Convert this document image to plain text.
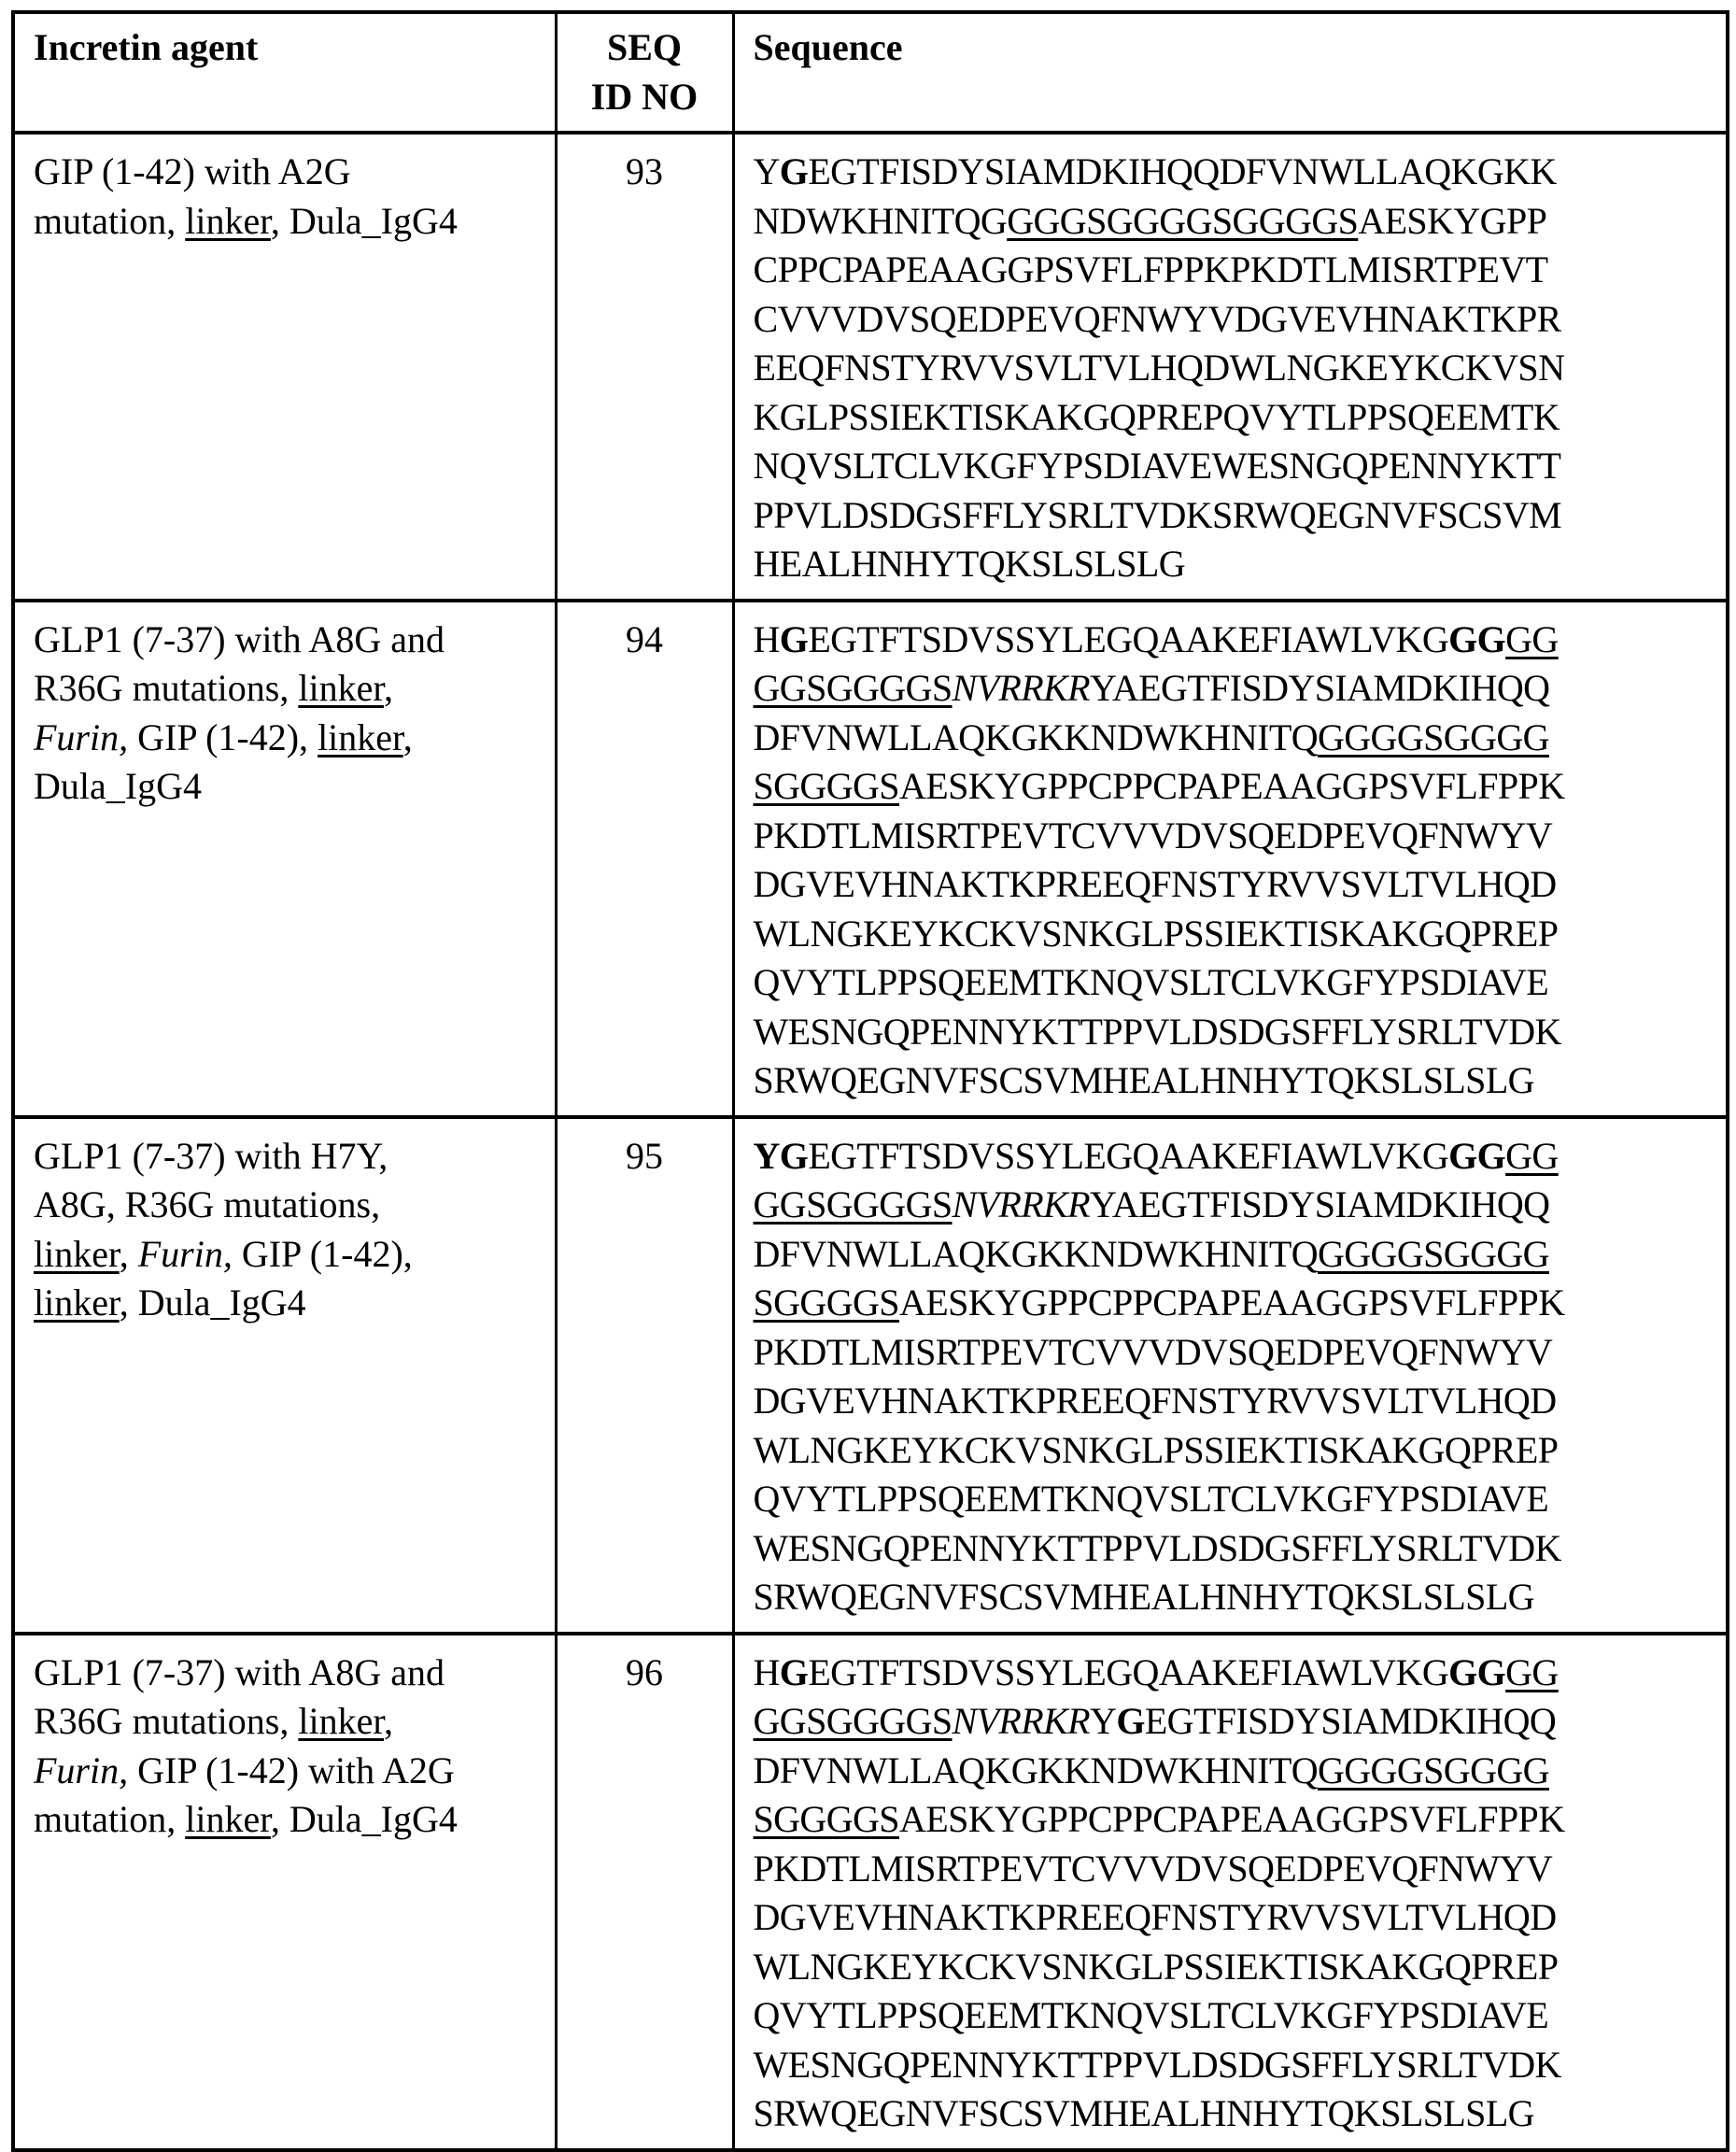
Incretin agent	SEQ
ID NO	Sequence

GIP (1-42) with A2G
mutation, linker, Dula_IgG4
	93	YGEGTFISDYSIAMDKIHQQDFVNWLLAQKGKK
NDWKHNITQGGGGSGGGGSGGGGSAESKYGPP
CPPCPAPEAAGGPSVFLFPPKPKDTLMISRTPEVT
CVVVDVSQEDPEVQFNWYVDGVEVHNAKTKPR
EEQFNSTYRVVSVLTVLHQDWLNGKEYKCKVSN
KGLPSSIEKTISKAKGQPREPQVYTLPPSQEEMTK
NQVSLTCLVKGFYPSDIAVEWESNGQPENNYKTT
PPVLDSDGSFFLYSRLTVDKSRWQEGNVFSCSVM
HEALHNHYTQKSLSLSLG

GLP1 (7-37) with A8G and
R36G mutations, linker,
Furin, GIP (1-42), linker,
Dula_IgG4
	94	HGEGTFTSDVSSYLEGQAAKEFIAWLVKGGGGG
GGSGGGGSNVRRKRYAEGTFISDYSIAMDKIHQQ
DFVNWLLAQKGKKNDWKHNITQGGGGSGGGG
SGGGGSAESKYGPPCPPCPAPEAAGGPSVFLFPPK
PKDTLMISRTPEVTCVVVDVSQEDPEVQFNWYV
DGVEVHNAKTKPREEQFNSTYRVVSVLTVLHQD
WLNGKEYKCKVSNKGLPSSIEKTISKAKGQPREP
QVYTLPPSQEEMTKNQVSLTCLVKGFYPSDIAVE
WESNGQPENNYKTTPPVLDSDGSFFLYSRLTVDK
SRWQEGNVFSCSVMHEALHNHYTQKSLSLSLG

GLP1 (7-37) with H7Y,
A8G, R36G mutations,
linker, Furin, GIP (1-42),
linker, Dula_IgG4
	95	YGEGTFTSDVSSYLEGQAAKEFIAWLVKGGGGG
GGSGGGGSNVRRKRYAEGTFISDYSIAMDKIHQQ
DFVNWLLAQKGKKNDWKHNITQGGGGSGGGG
SGGGGSAESKYGPPCPPCPAPEAAGGPSVFLFPPK
PKDTLMISRTPEVTCVVVDVSQEDPEVQFNWYV
DGVEVHNAKTKPREEQFNSTYRVVSVLTVLHQD
WLNGKEYKCKVSNKGLPSSIEKTISKAKGQPREP
QVYTLPPSQEEMTKNQVSLTCLVKGFYPSDIAVE
WESNGQPENNYKTTPPVLDSDGSFFLYSRLTVDK
SRWQEGNVFSCSVMHEALHNHYTQKSLSLSLG

GLP1 (7-37) with A8G and
R36G mutations, linker,
Furin, GIP (1-42) with A2G
mutation, linker, Dula_IgG4
	96	HGEGTFTSDVSSYLEGQAAKEFIAWLVKGGGGG
GGSGGGGSNVRRKRYGEGTFISDYSIAMDKIHQQ
DFVNWLLAQKGKKNDWKHNITQGGGGSGGGG
SGGGGSAESKYGPPCPPCPAPEAAGGPSVFLFPPK
PKDTLMISRTPEVTCVVVDVSQEDPEVQFNWYV
DGVEVHNAKTKPREEQFNSTYRVVSVLTVLHQD
WLNGKEYKCKVSNKGLPSSIEKTISKAKGQPREP
QVYTLPPSQEEMTKNQVSLTCLVKGFYPSDIAVE
WESNGQPENNYKTTPPVLDSDGSFFLYSRLTVDK
SRWQEGNVFSCSVMHEALHNHYTQKSLSLSLG
